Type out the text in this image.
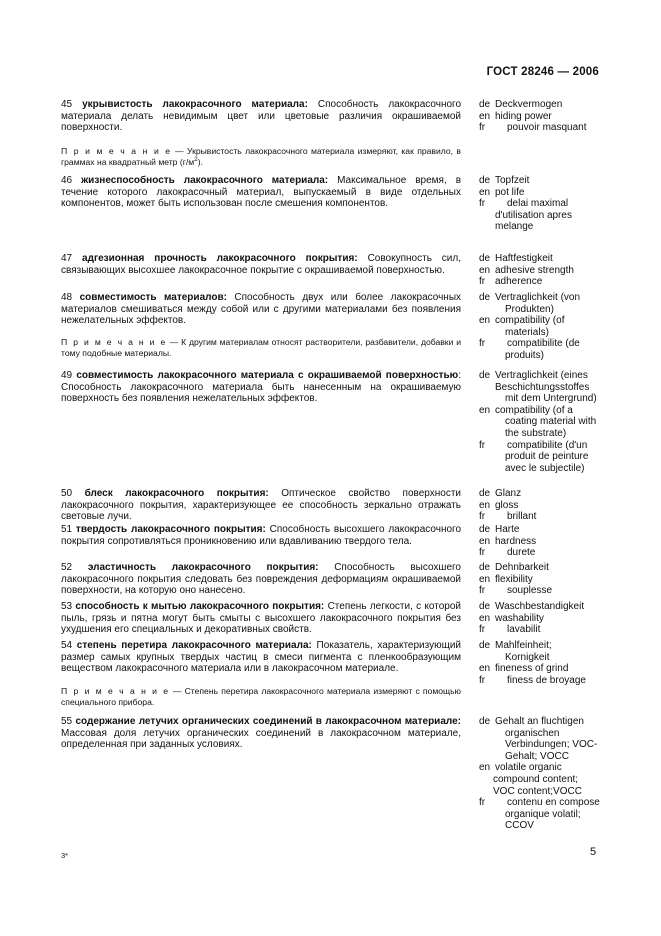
ГОСТ 28246 — 2006
45 укрывистость лакокрасочного материала: Способность лакокрасочного материала делать невидимым цвет или цветовые различия окрашиваемой поверхности.
П р и м е ч а н и е — Укрывистость лакокрасочного материала измеряют, как правило, в граммах на квадратный метр $(г/м^2)$.
46 жизнеспособность лакокрасочного материала: Максимальное время, в течение которого лакокрасочный материал, выпускаемый в виде отдельных компонентов, может быть использован после смешения компонентов.
47 адгезионная прочность лакокрасочного покрытия: Совокупность сил, связывающих высохшее лакокрасочное покрытие с окрашиваемой поверхностью.
48 совместимость материалов: Способность двух или более лакокрасочных материалов смешиваться между собой или с другими материалами без появления нежелательных эффектов.
П р и м е ч а н и е — К другим материалам относят растворители, разбавители, добавки и тому подобные материалы.
49 совместимость лакокрасочного материала с окрашиваемой поверхностью: Способность лакокрасочного материала быть нанесенным на окрашиваемую поверхность без появления нежелательных эффектов.
50 блеск лакокрасочного покрытия: Оптическое свойство поверхности лакокрасочного покрытия, характеризующее ее способность зеркально отражать световые лучи.
51 твердость лакокрасочного покрытия: Способность высохшего лакокрасочного покрытия сопротивляться проникновению или вдавливанию твердого тела.
52 эластичность лакокрасочного покрытия: Способность высохшего лакокрасочного покрытия следовать без повреждения деформациям окрашиваемой поверхности, на которую оно нанесено.
53 способность к мытью лакокрасочного покрытия: Степень легкости, с которой пыль, грязь и пятна могут быть смыты с высохшего лакокрасочного покрытия без ухудшения его специальных и декоративных свойств.
54 степень перетира лакокрасочного материала: Показатель, характеризующий размер самых крупных твердых частиц в смеси пигмента с пленкообразующим веществом лакокрасочного материала или в лакокрасочном материале.
П р и м е ч а н и е — Степень перетира лакокрасочного материала измеряют с помощью специального прибора.
55 содержание летучих органических соединений в лакокрасочном материале: Массовая доля летучих органических соединений в лакокрасочном материале, определенная при заданных условиях.
de Deckvermogen
en hiding power
fr pouvoir masquant
de Topfzeit
en pot life
fr delai maximal
d'utilisation apres
melange
de Haftfestigkeit
en adhesive strength
fr adherence
de Vertraglichkeit (von
Produkten)
en compatibility (of
materials)
fr compatibilite (de
produits)
de Vertraglichkeit (eines
Beschichtungsstoffes
mit dem Untergrund)
en compatibility (of a
coating material with
the substrate)
fr compatibilite (d'un
produit de peinture
avec le subjectile)
de Glanz
en gloss
fr brillant
de Harte
en hardness
fr durete
de Dehnbarkeit
en flexibility
fr souplesse
de Waschbestandigkeit
en washability
fr lavabilit
de Mahlfeinheit;
Kornigkeit
en fineness of grind
fr finess de broyage
de Gehalt an fluchtigen
organischen
Verbindungen; VOC-
Gehalt; VOCC
en volatile organic
compound content;
VOC content;VOCC
fr contenu en compose
organique volatil;
CCOV
3*	5
